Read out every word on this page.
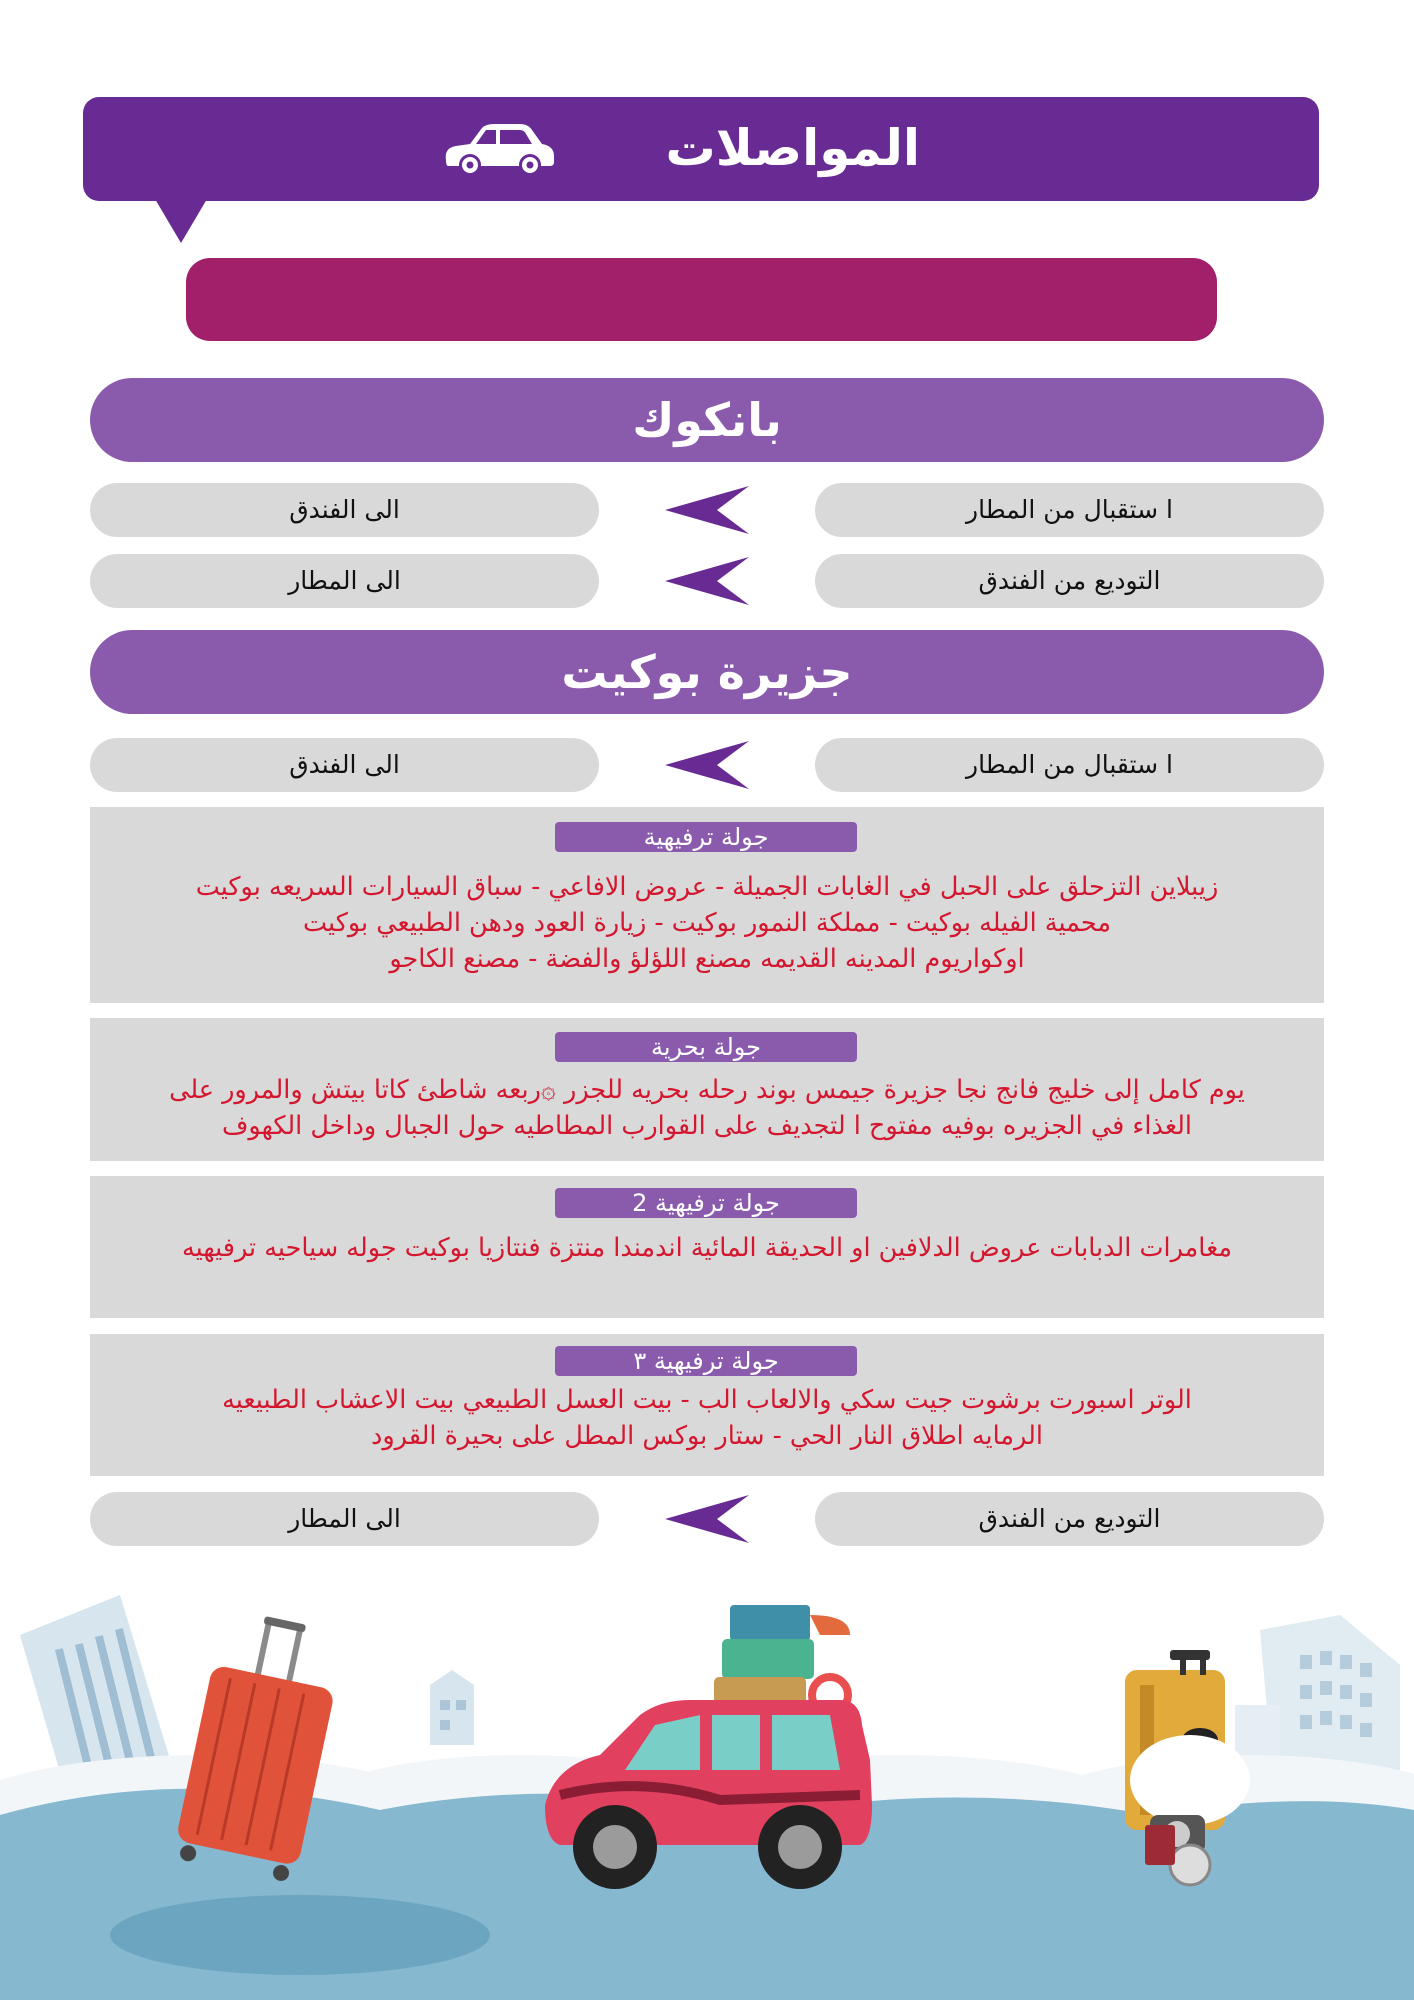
المواصلات
بانكوك
ا ستقبال من المطار
الى الفندق
التوديع من الفندق
الى المطار
جزيرة بوكيت
ا ستقبال من المطار
الى الفندق
جولة ترفيهية
زيبلاين التزحلق على الحبل في الغابات الجميلة - عروض الافاعي - سباق السيارات السريعه بوكيت
محمية الفيله بوكيت - مملكة النمور بوكيت - زيارة العود ودهن الطبيعي بوكيت
اوكواريوم المدينه القديمه مصنع اللؤلؤ والفضة - مصنع الكاجو
جولة بحرية
يوم كامل إلى خليج فانج نجا جزيرة جيمس بوند رحله بحريه للجزر ۞ربعه شاطئ كاتا بيتش والمرور على
الغذاء في الجزيره بوفيه مفتوح ا لتجديف على القوارب المطاطيه حول الجبال وداخل الكهوف
جولة ترفيهية 2
مغامرات الدبابات عروض الدلافين او الحديقة المائية اندمندا منتزة فنتازيا بوكيت جوله سياحيه ترفيهيه
جولة ترفيهية ٣
الوتر اسبورت برشوت جيت سكي والالعاب الب - بيت العسل الطبيعي بيت الاعشاب الطبيعيه
الرمايه اطلاق النار الحي - ستار بوكس المطل على بحيرة القرود
التوديع من الفندق
الى المطار
